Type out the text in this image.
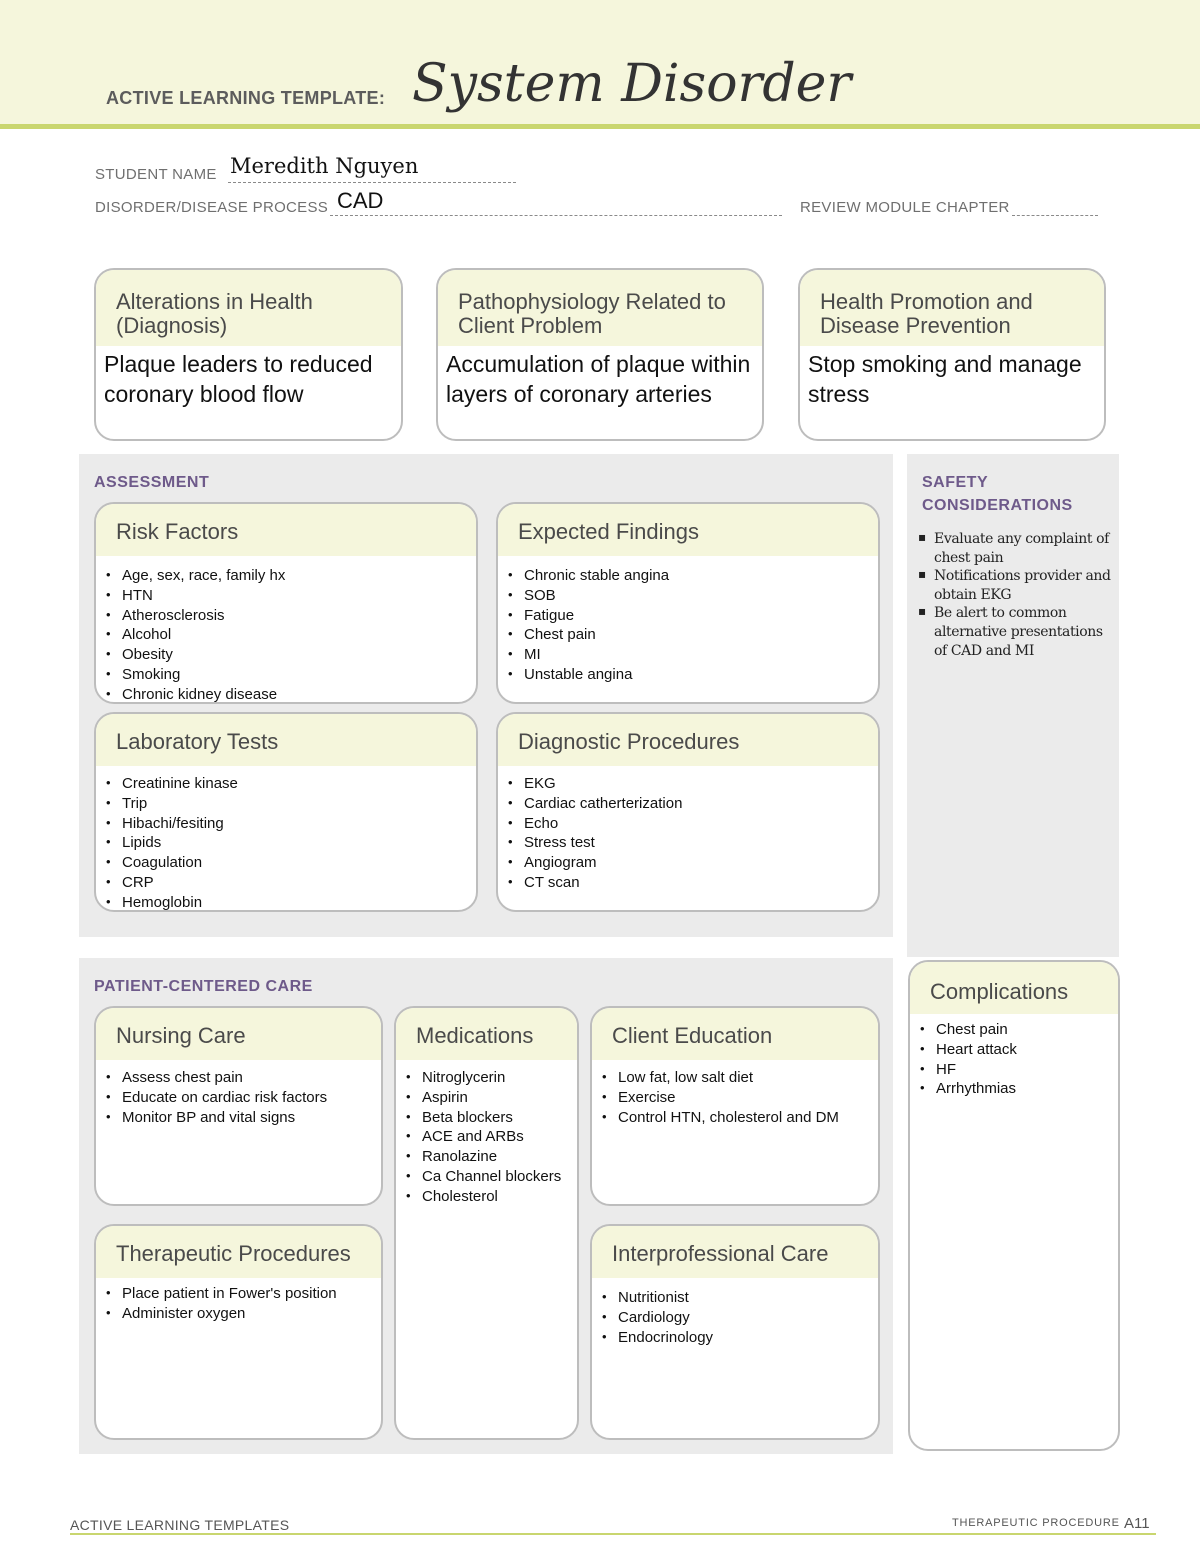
ACTIVE LEARNING TEMPLATE: System Disorder
STUDENT NAME Meredith Nguyen
DISORDER/DISEASE PROCESS CAD	REVIEW MODULE CHAPTER
Alterations in Health (Diagnosis)
Plaque leaders to reduced coronary blood flow
Pathophysiology Related to Client Problem
Accumulation of plaque within layers of coronary arteries
Health Promotion and Disease Prevention
Stop smoking and manage stress
ASSESSMENT
Risk Factors
• Age, sex, race, family hx
• HTN
• Atherosclerosis
• Alcohol
• Obesity
• Smoking
• Chronic kidney disease
Expected Findings
• Chronic stable angina
• SOB
• Fatigue
• Chest pain
• MI
• Unstable angina
Laboratory Tests
• Creatinine kinase
• Trip
• Hibachi/fesiting
• Lipids
• Coagulation
• CRP
• Hemoglobin
Diagnostic Procedures
• EKG
• Cardiac catherterization
• Echo
• Stress test
• Angiogram
• CT scan
SAFETY
CONSIDERATIONS
▪ Evaluate any complaint of chest pain
▪ Notifications provider and obtain EKG
▪ Be alert to common alternative presentations of CAD and MI
PATIENT-CENTERED CARE
Nursing Care
• Assess chest pain
• Educate on cardiac risk factors
• Monitor BP and vital signs
Medications
• Nitroglycerin
• Aspirin
• Beta blockers
• ACE and ARBs
• Ranolazine
• Ca Channel blockers
• Cholesterol
Client Education
• Low fat, low salt diet
• Exercise
• Control HTN, cholesterol and DM
Therapeutic Procedures
• Place patient in Fower's position
• Administer oxygen
Interprofessional Care
• Nutritionist
• Cardiology
• Endocrinology
Complications
• Chest pain
• Heart attack
• HF
• Arrhythmias
ACTIVE LEARNING TEMPLATES	THERAPEUTIC PROCEDURE A11
